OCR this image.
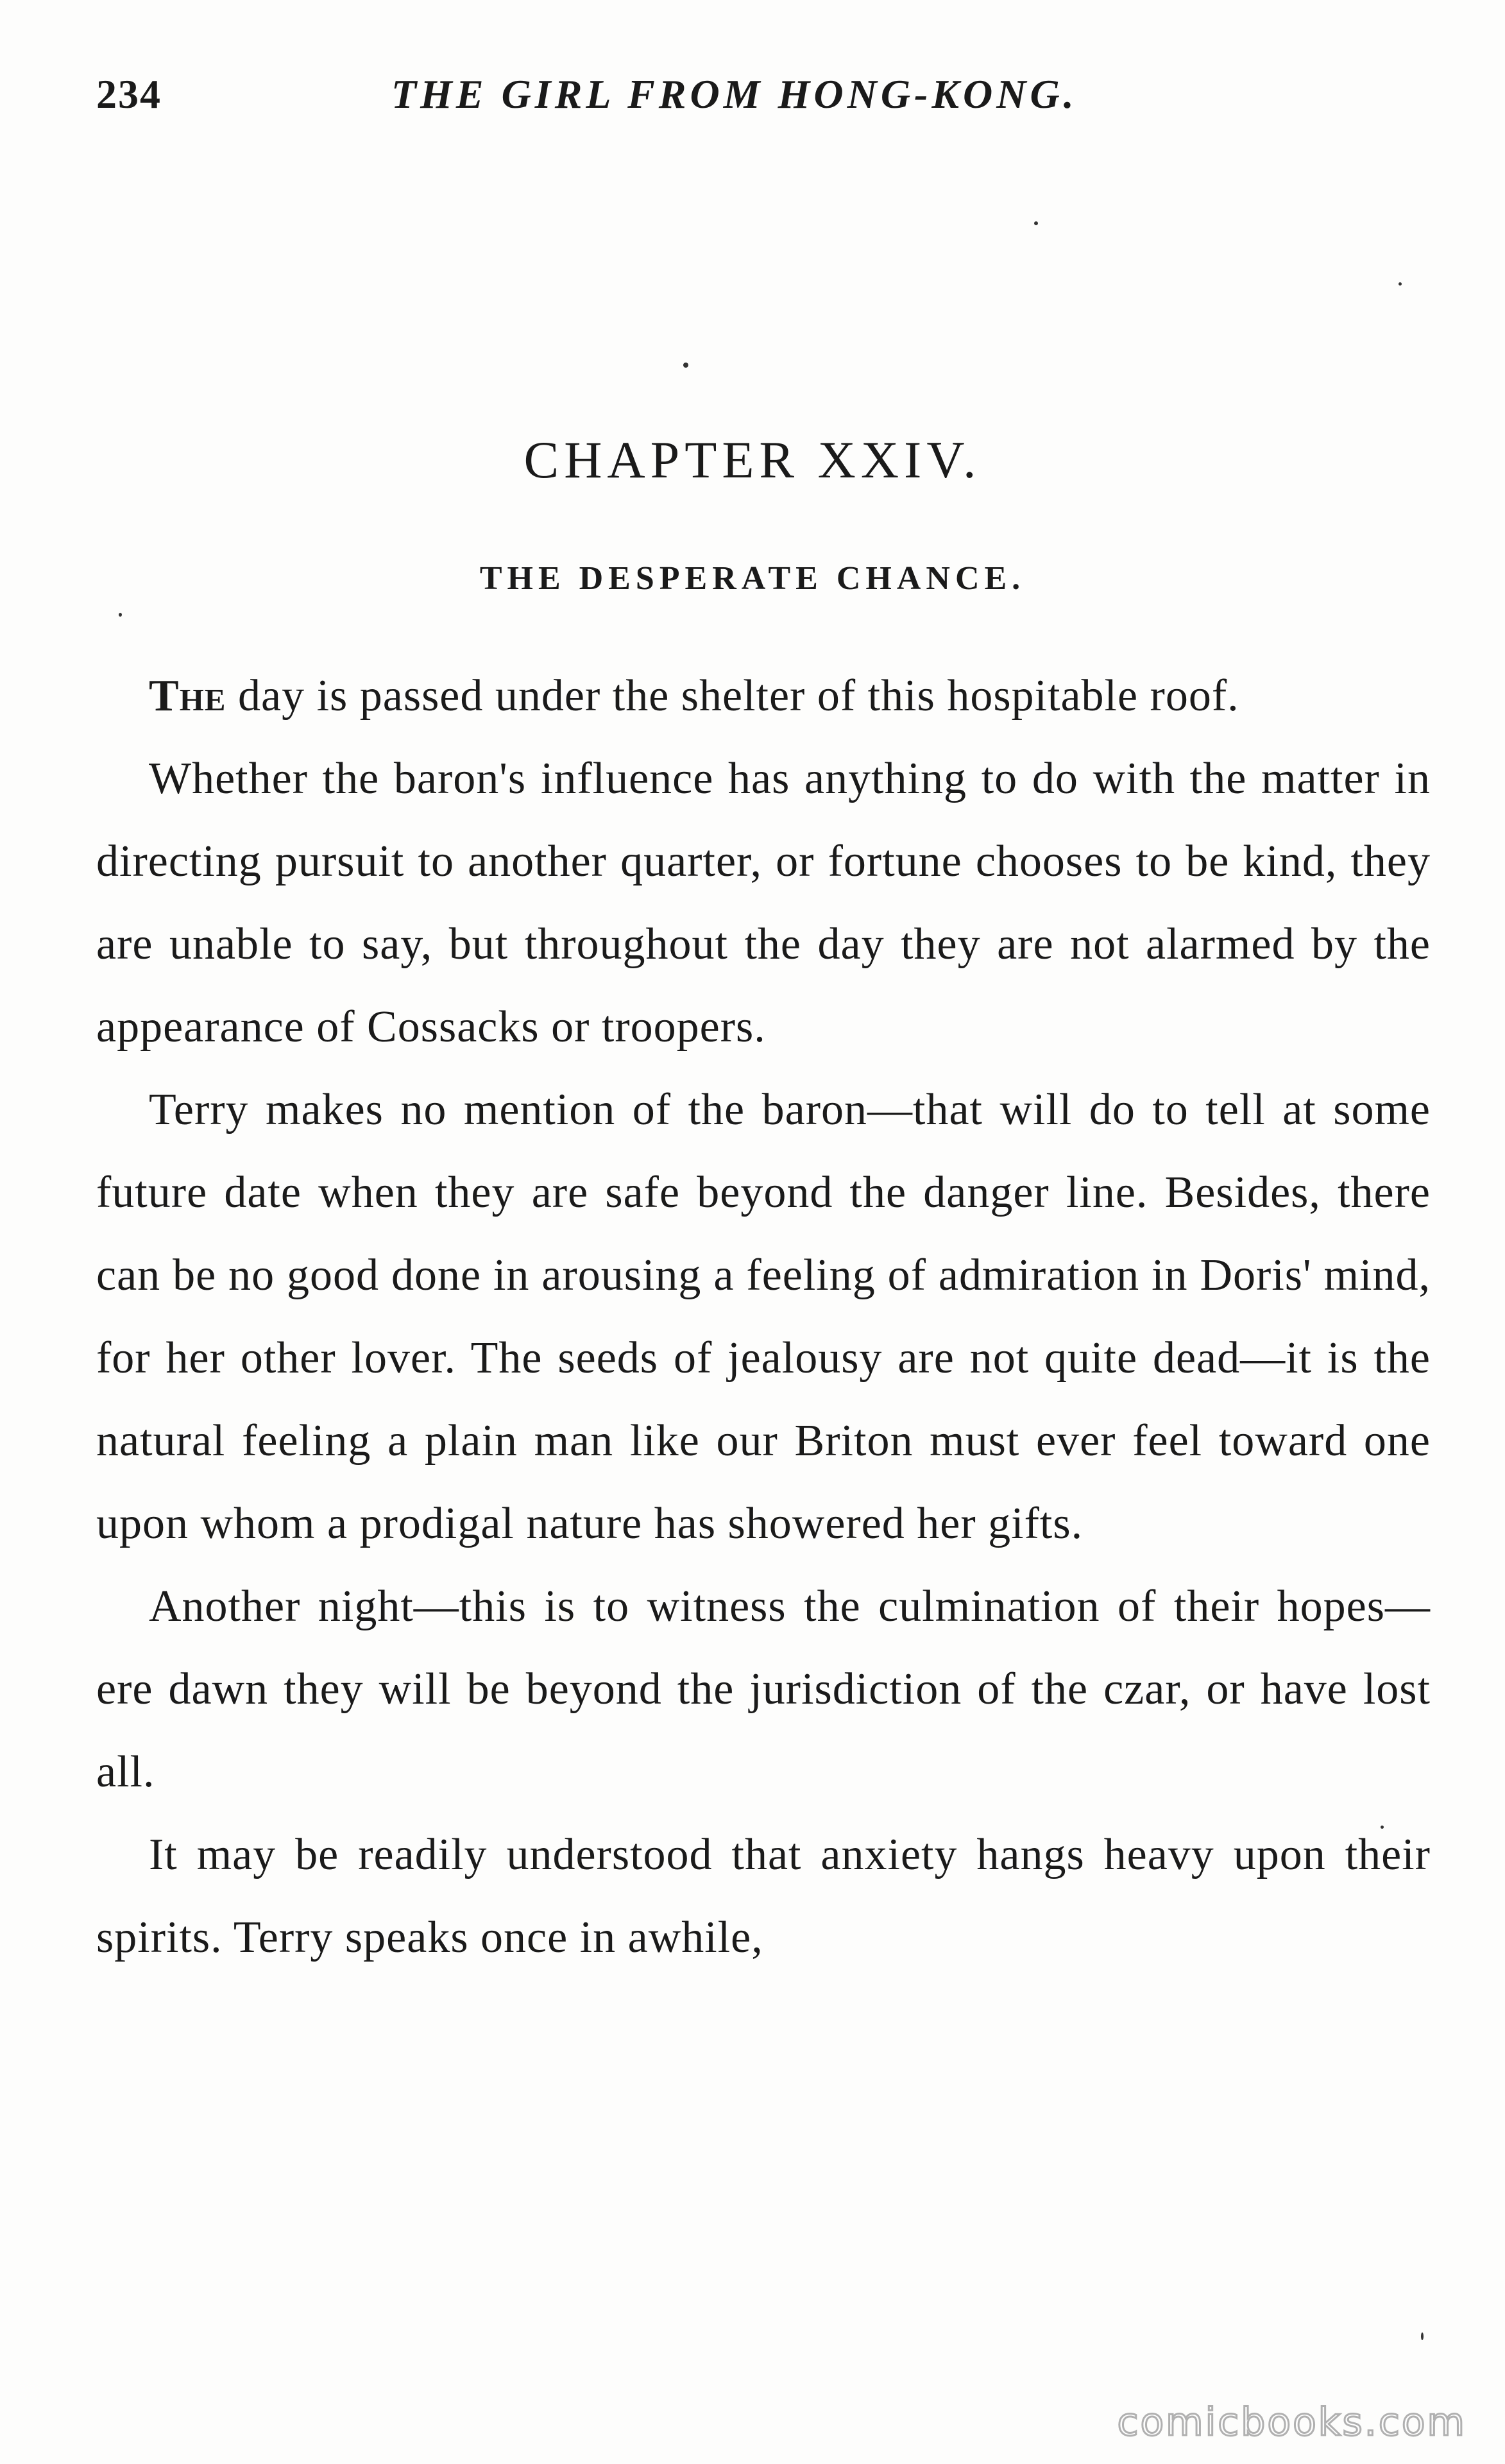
234	THE GIRL FROM HONG-KONG.
CHAPTER XXIV.
THE DESPERATE CHANCE.

The day is passed under the shelter of this hospitable roof.

Whether the baron's influence has anything to do with the matter in directing pursuit to another quarter, or fortune chooses to be kind, they are unable to say, but throughout the day they are not alarmed by the appearance of Cossacks or troopers.

Terry makes no mention of the baron—that will do to tell at some future date when they are safe beyond the danger line. Besides, there can be no good done in arousing a feeling of admiration in Doris' mind, for her other lover. The seeds of jealousy are not quite dead—it is the natural feeling a plain man like our Briton must ever feel toward one upon whom a prodigal nature has showered her gifts.

Another night—this is to witness the culmination of their hopes—ere dawn they will be beyond the jurisdiction of the czar, or have lost all.

It may be readily understood that anxiety hangs heavy upon their spirits. Terry speaks once in awhile,

comicbooks.com
